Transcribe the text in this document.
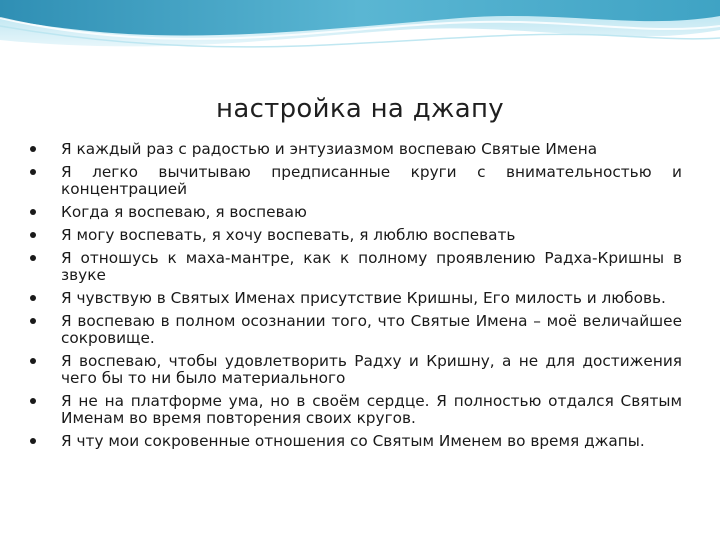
настройка на джапу
Я каждый раз с радостью и энтузиазмом воспеваю Святые Имена
Я легко вычитываю предписанные круги с внимательностью и концентрацией
Когда я воспеваю, я воспеваю
Я могу воспевать, я хочу воспевать, я люблю воспевать
Я отношусь к маха-мантре, как к полному проявлению Радха-Кришны в звуке
Я чувствую в Святых Именах присутствие Кришны, Его милость и любовь.
Я воспеваю в полном осознании того, что Святые Имена – моё величайшее сокровище.
Я воспеваю, чтобы удовлетворить Радху и Кришну, а не для достижения чего бы то ни было материального
Я не на платформе ума, но в своём сердце. Я полностью отдался Святым Именам во время повторения своих кругов.
Я чту мои сокровенные отношения со Святым Именем во время джапы.
